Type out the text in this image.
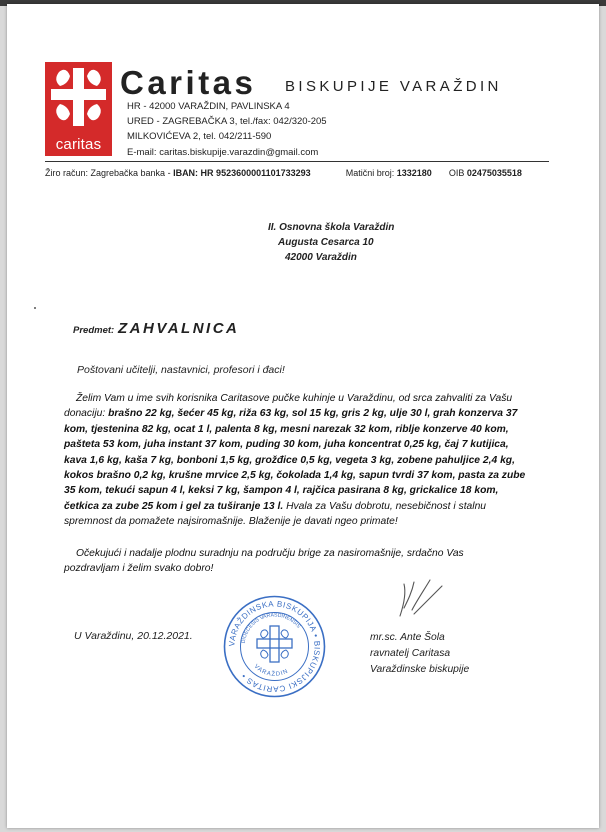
caritas
Caritas BISKUPIJE VARAŽDIN
HR - 42000 VARAŽDIN, PAVLINSKA 4
URED - ZAGREBAČKA 3, tel./fax: 042/320-205
MILKOVIĆEVA 2, tel. 042/211-590
E-mail: caritas.biskupije.varazdin@gmail.com
Žiro račun: Zagrebačka banka - IBAN: HR 9523600001101733293	Matični broj: 1332180 OIB 02475035518
II. Osnovna škola Varaždin
Augusta Cesarca 10
42000 Varaždin
Predmet: ZAHVALNICA
Poštovani učitelji, nastavnici, profesori i đaci!
Želim Vam u ime svih korisnika Caritasove pučke kuhinje u Varaždinu, od srca zahvaliti za Vašu donaciju: brašno 22 kg, šećer 45 kg, riža 63 kg, sol 15 kg, gris 2 kg, ulje 30 l, grah konzerva 37 kom, tjestenina 82 kg, ocat 1 l, palenta 8 kg, mesni narezak 32 kom, riblje konzerve 40 kom, pašteta 53 kom, juha instant 37 kom, puding 30 kom, juha koncentrat 0,25 kg, čaj 7 kutijica, kava 1,6 kg, kaša 7 kg, bonboni 1,5 kg, grožđice 0,5 kg, vegeta 3 kg, zobene pahuljice 2,4 kg, kokos brašno 0,2 kg, krušne mrvice 2,5 kg, čokolada 1,4 kg, sapun tvrdi 37 kom, pasta za zube 35 kom, tekući sapun 4 l, keksi 7 kg, šampon 4 l, rajčica pasirana 8 kg, grickalice 18 kom, četkica za zube 25 kom i gel za tuširanje 13 l. Hvala za Vašu dobrotu, nesebičnost i stalnu spremnost da pomažete najsiromašnije. Blaženije je davati ngeo primate!
Očekujući i nadalje plodnu suradnju na području brige za nasiromašnije, srdačno Vas pozdravljam i želim svako dobro!
U Varaždinu, 20.12.2021.
VARAŽDINSKA BISKUPIJA • BISKUPIJSKI CARITAS •
DIOECESIS VARASDINENSIS
VARAŽDIN
mr.sc. Ante Šola
ravnatelj Caritasa
Varaždinske biskupije
